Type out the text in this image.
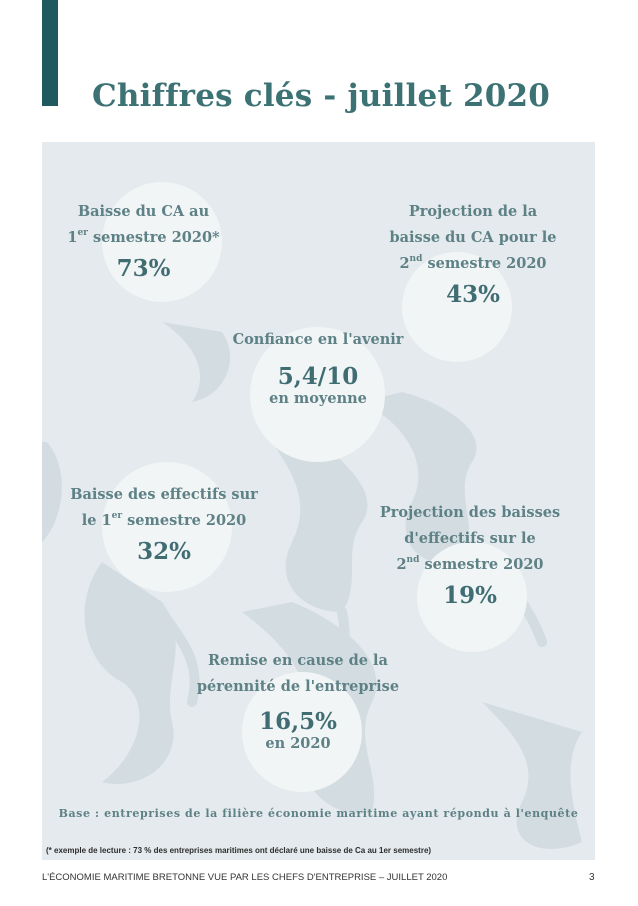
Chiffres clés - juillet 2020
Baisse du CA au
1er semestre 2020*
73%
Projection de la
baisse du CA pour le
2nd semestre 2020
43%
Confiance en l'avenir
5,4/10
en moyenne
Baisse des effectifs sur
le 1er semestre 2020
32%
Projection des baisses
d'effectifs sur le
2nd semestre 2020
19%
Remise en cause de la
pérennité de l'entreprise
16,5%
en 2020
Base : entreprises de la filière économie maritime ayant répondu à l'enquête
(* exemple de lecture : 73 % des entreprises maritimes ont déclaré une baisse de Ca au 1er semestre)
L'ÉCONOMIE MARITIME BRETONNE VUE PAR LES CHEFS D'ENTREPRISE – JUILLET 2020	3
